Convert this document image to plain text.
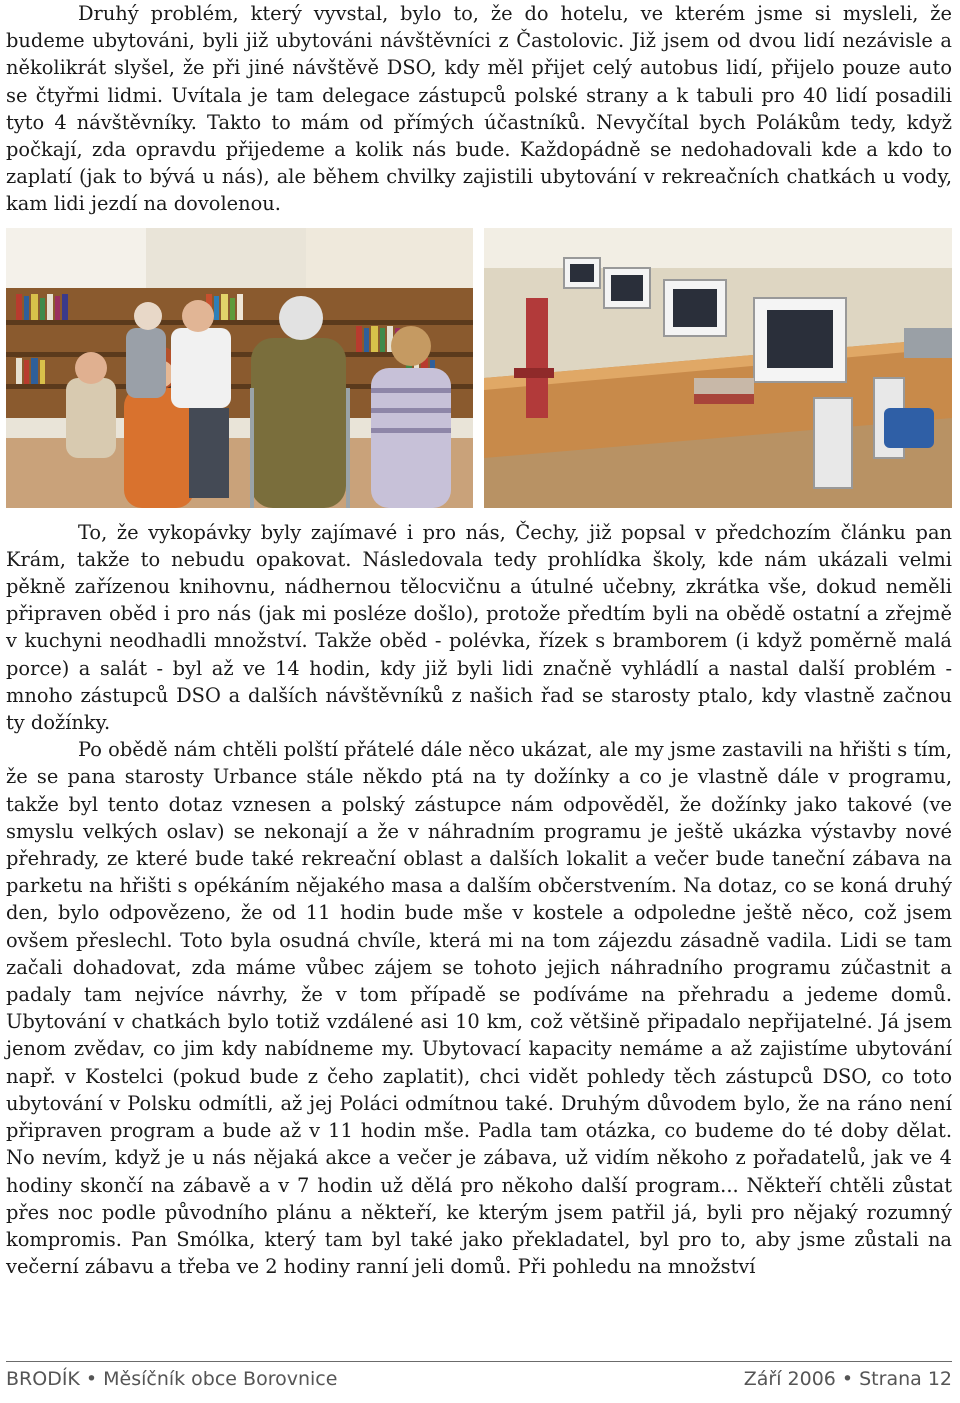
Druhý problém, který vyvstal, bylo to, že do hotelu, ve kterém jsme si mysleli, že budeme ubytováni, byli již ubytováni návštěvníci z Častolovic. Již jsem od dvou lidí nezávisle a několikrát slyšel, že při jiné návštěvě DSO, kdy měl přijet celý autobus lidí, přijelo pouze auto se čtyřmi lidmi. Uvítala je tam delegace zástupců polské strany a k tabuli pro 40 lidí posadili tyto 4 návštěvníky. Takto to mám od přímých účastníků. Nevyčítal bych Polákům tedy, když počkají, zda opravdu přijedeme a kolik nás bude. Každopádně se nedohadovali kde a kdo to zaplatí (jak to bývá u nás), ale během chvilky zajistili ubytování v rekreačních chatkách u vody, kam lidi jezdí na dovolenou.

To, že vykopávky byly zajímavé i pro nás, Čechy, již popsal v předchozím článku pan Krám, takže to nebudu opakovat. Následovala tedy prohlídka školy, kde nám ukázali velmi pěkně zařízenou knihovnu, nádhernou tělocvičnu a útulné učebny, zkrátka vše, dokud neměli připraven oběd i pro nás (jak mi posléze došlo), protože předtím byli na obědě ostatní a zřejmě v kuchyni neodhadli množství. Takže oběd - polévka, řízek s bramborem (i když poměrně malá porce) a salát - byl až ve 14 hodin, kdy již byli lidi značně vyhládlí a nastal další problém - mnoho zástupců DSO a dalších návštěvníků z našich řad se starosty ptalo, kdy vlastně začnou ty dožínky.

Po obědě nám chtěli polští přátelé dále něco ukázat, ale my jsme zastavili na hřišti s tím, že se pana starosty Urbance stále někdo ptá na ty dožínky a co je vlastně dále v programu, takže byl tento dotaz vznesen a polský zástupce nám odpověděl, že dožínky jako takové (ve smyslu velkých oslav) se nekonají a že v náhradním programu je ještě ukázka výstavby nové přehrady, ze které bude také rekreační oblast a dalších lokalit a večer bude taneční zábava na parketu na hřišti s opékáním nějakého masa a dalším občerstvením. Na dotaz, co se koná druhý den, bylo odpovězeno, že od 11 hodin bude mše v kostele a odpoledne ještě něco, což jsem ovšem přeslechl. Toto byla osudná chvíle, která mi na tom zájezdu zásadně vadila. Lidi se tam začali dohadovat, zda máme vůbec zájem se tohoto jejich náhradního programu zúčastnit a padaly tam nejvíce návrhy, že v tom případě se podíváme na přehradu a jedeme domů. Ubytování v chatkách bylo totiž vzdálené asi 10 km, což většině připadalo nepřijatelné. Já jsem jenom zvědav, co jim kdy nabídneme my. Ubytovací kapacity nemáme a až zajistíme ubytování např. v Kostelci (pokud bude z čeho zaplatit), chci vidět pohledy těch zástupců DSO, co toto ubytování v Polsku odmítli, až jej Poláci odmítnou také. Druhým důvodem bylo, že na ráno není připraven program a bude až v 11 hodin mše. Padla tam otázka, co budeme do té doby dělat. No nevím, když je u nás nějaká akce a večer je zábava, už vidím někoho z pořadatelů, jak ve 4 hodiny skončí na zábavě a v 7 hodin už dělá pro někoho další program... Někteří chtěli zůstat přes noc podle původního plánu a někteří, ke kterým jsem patřil já, byli pro nějaký rozumný kompromis. Pan Smólka, který tam byl také jako překladatel, byl pro to, aby jsme zůstali na večerní zábavu a třeba ve 2 hodiny ranní jeli domů. Při pohledu na množství

BRODÍK • Měsíčník obce Borovnice	Září 2006 • Strana 12
